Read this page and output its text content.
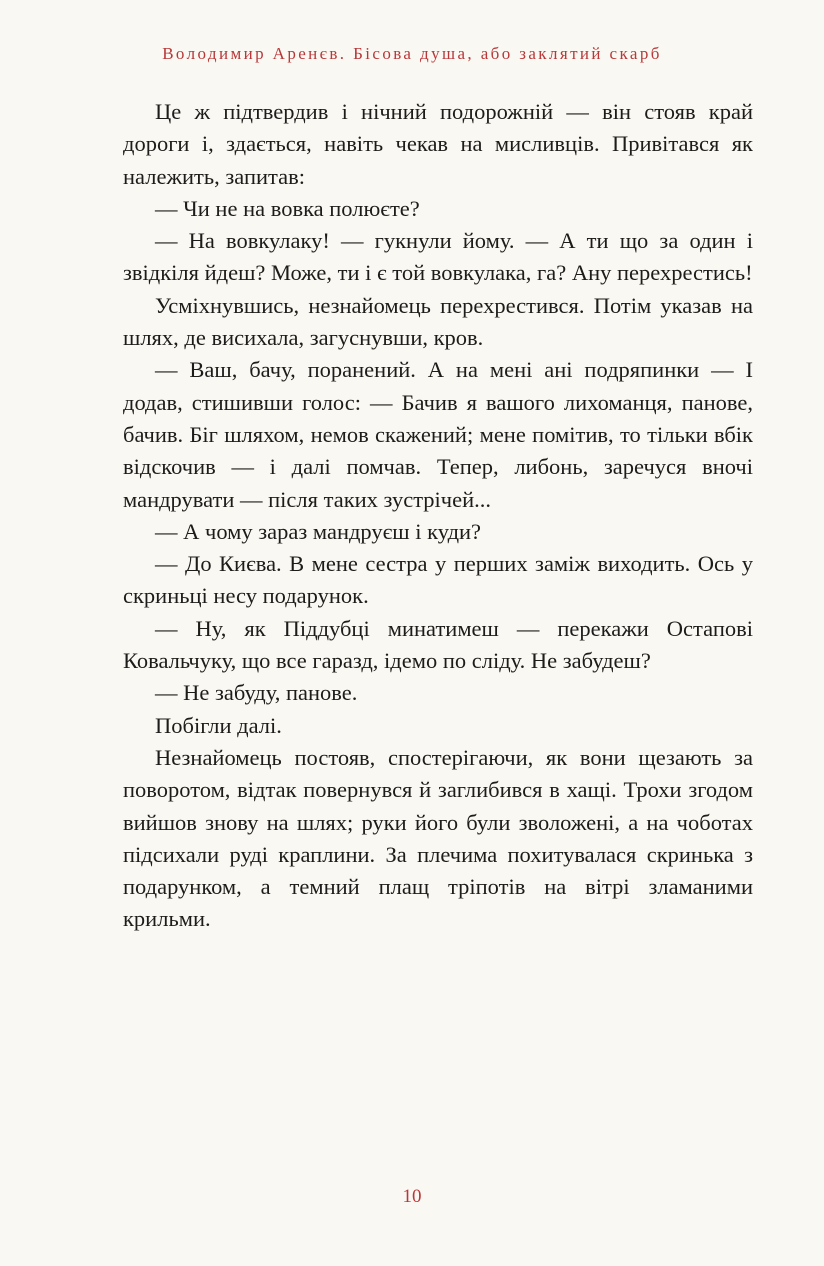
Володимир Аренєв. Бісова душа, або заклятий скарб

Це ж підтвердив і нічний подорожній — він стояв край дороги і, здається, навіть чекав на мисливців. Привітався як належить, запитав:

— Чи не на вовка полюєте?

— На вовкулаку! — гукнули йому. — А ти що за один і звідкіля йдеш? Може, ти і є той вовкулака, га? Ану перехрестись!

Усміхнувшись, незнайомець перехрестився. Потім указав на шлях, де висихала, загуснувши, кров.

— Ваш, бачу, поранений. А на мені ані подряпинки — І додав, стишивши голос: — Бачив я вашого лихоманця, панове, бачив. Біг шляхом, немов скажений; мене помітив, то тільки вбік відскочив — і далі помчав. Тепер, либонь, заречуся вночі мандрувати — після таких зустрічей...

— А чому зараз мандруєш і куди?

— До Києва. В мене сестра у перших заміж виходить. Ось у скриньці несу подарунок.

— Ну, як Піддубці минатимеш — перекажи Остапові Ковальчуку, що все гаразд, ідемо по сліду. Не забудеш?

— Не забуду, панове.

Побігли далі.

Незнайомець постояв, спостерігаючи, як вони щезають за поворотом, відтак повернувся й заглибився в хащі. Трохи згодом вийшов знову на шлях; руки його були зволожені, а на чоботах підсихали руді краплини. За плечима похитувалася скринька з подарунком, а темний плащ тріпотів на вітрі зламаними крильми.

10
